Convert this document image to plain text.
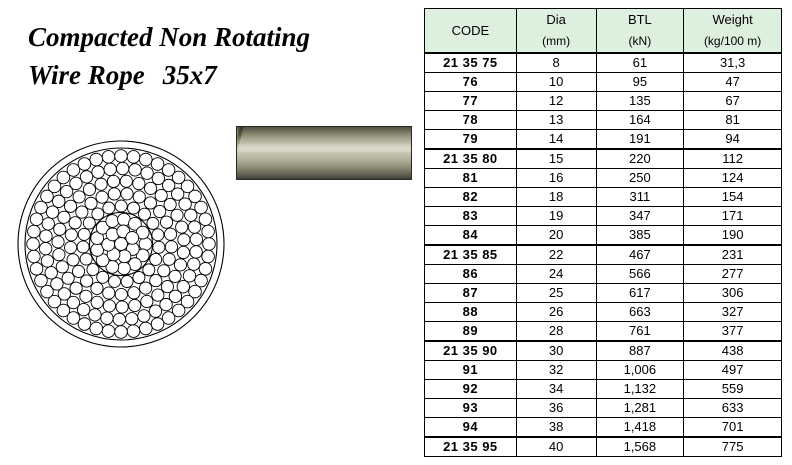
Compacted Non Rotating
Wire Rope 35x7
CODE	Dia	BTL	Weight
	(mm)	(kN)	(kg/100 m)
21 35 75	8	61	31,3
76	10	95	47
77	12	135	67
78	13	164	81
79	14	191	94
21 35 80	15	220	112
81	16	250	124
82	18	311	154
83	19	347	171
84	20	385	190
21 35 85	22	467	231
86	24	566	277
87	25	617	306
88	26	663	327
89	28	761	377
21 35 90	30	887	438
91	32	1,006	497
92	34	1,132	559
93	36	1,281	633
94	38	1,418	701
21 35 95	40	1,568	775
